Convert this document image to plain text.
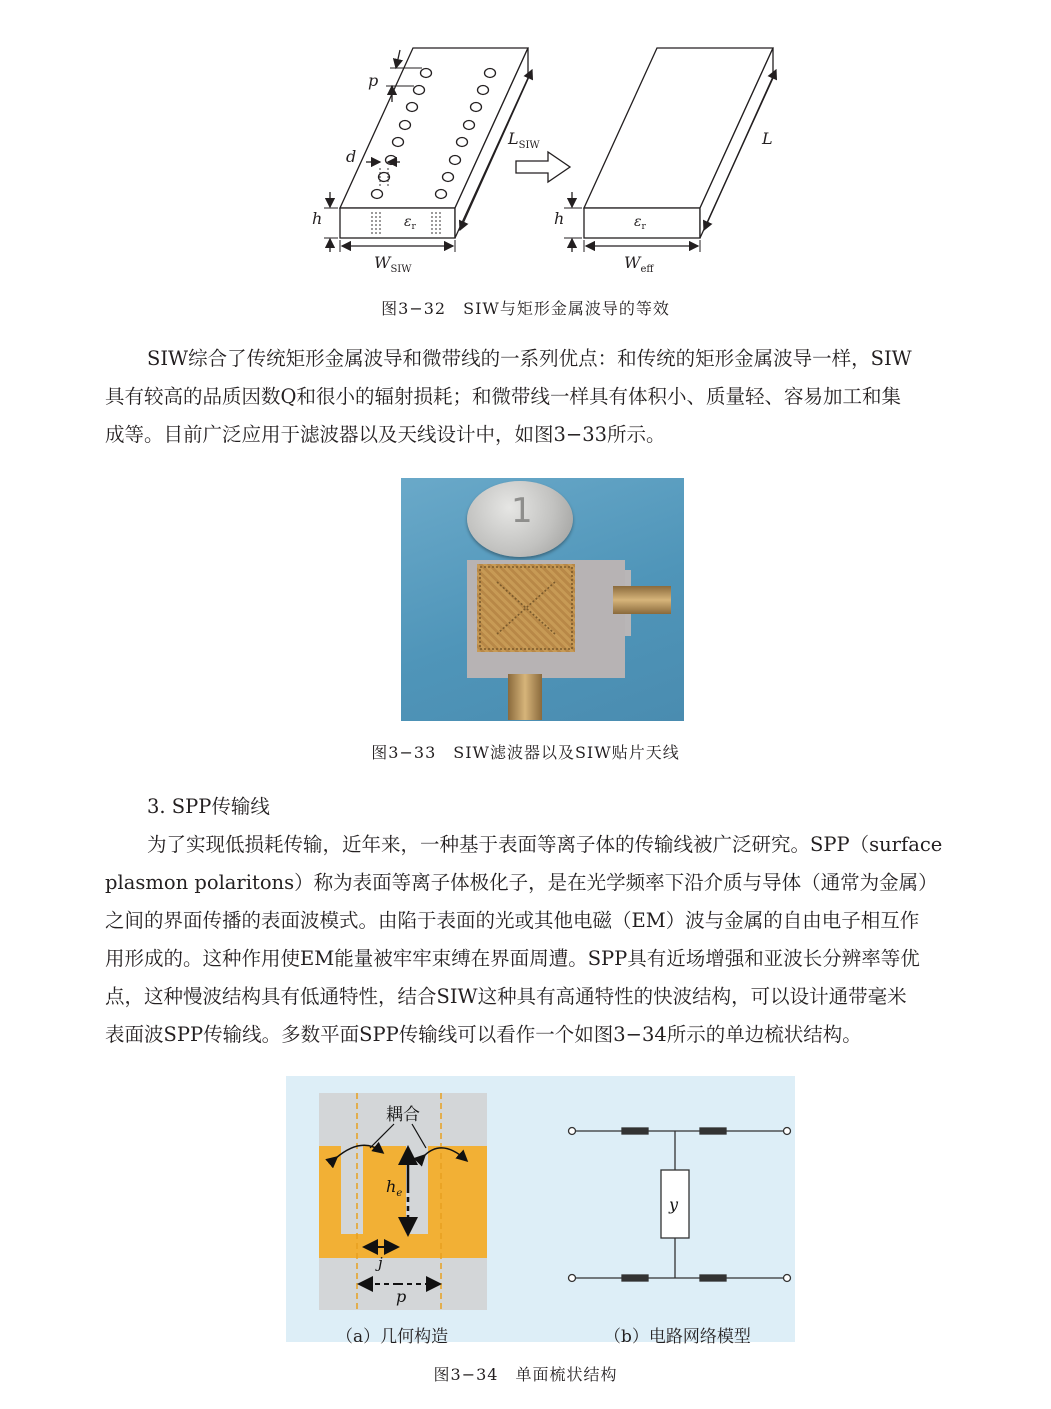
p
d
h	h
$L_{SIW}$	L
$W_{SIW}$	$W_{eff}$
$\varepsilon_r$	$\varepsilon_r$
图3−32　SIW与矩形金属波导的等效
SIW综合了传统矩形金属波导和微带线的一系列优点：和传统的矩形金属波导一样，SIW
具有较高的品质因数Q和很小的辐射损耗；和微带线一样具有体积小、质量轻、容易加工和集
成等。目前广泛应用于滤波器以及天线设计中，如图3−33所示。
1
图3−33　SIW滤波器以及SIW贴片天线
3. SPP传输线
为了实现低损耗传输，近年来，一种基于表面等离子体的传输线被广泛研究。SPP（surface
plasmon polaritons）称为表面等离子体极化子，是在光学频率下沿介质与导体（通常为金属）
之间的界面传播的表面波模式。由陷于表面的光或其他电磁（EM）波与金属的自由电子相互作
用形成的。这种作用使EM能量被牢牢束缚在界面周遭。SPP具有近场增强和亚波长分辨率等优
点，这种慢波结构具有低通特性，结合SIW这种具有高通特性的快波结构，可以设计通带毫米
表面波SPP传输线。多数平面SPP传输线可以看作一个如图3−34所示的单边梳状结构。
耦合
$h_e$
j
p
y
（a）几何构造	（b）电路网络模型
图3−34　单面梳状结构
